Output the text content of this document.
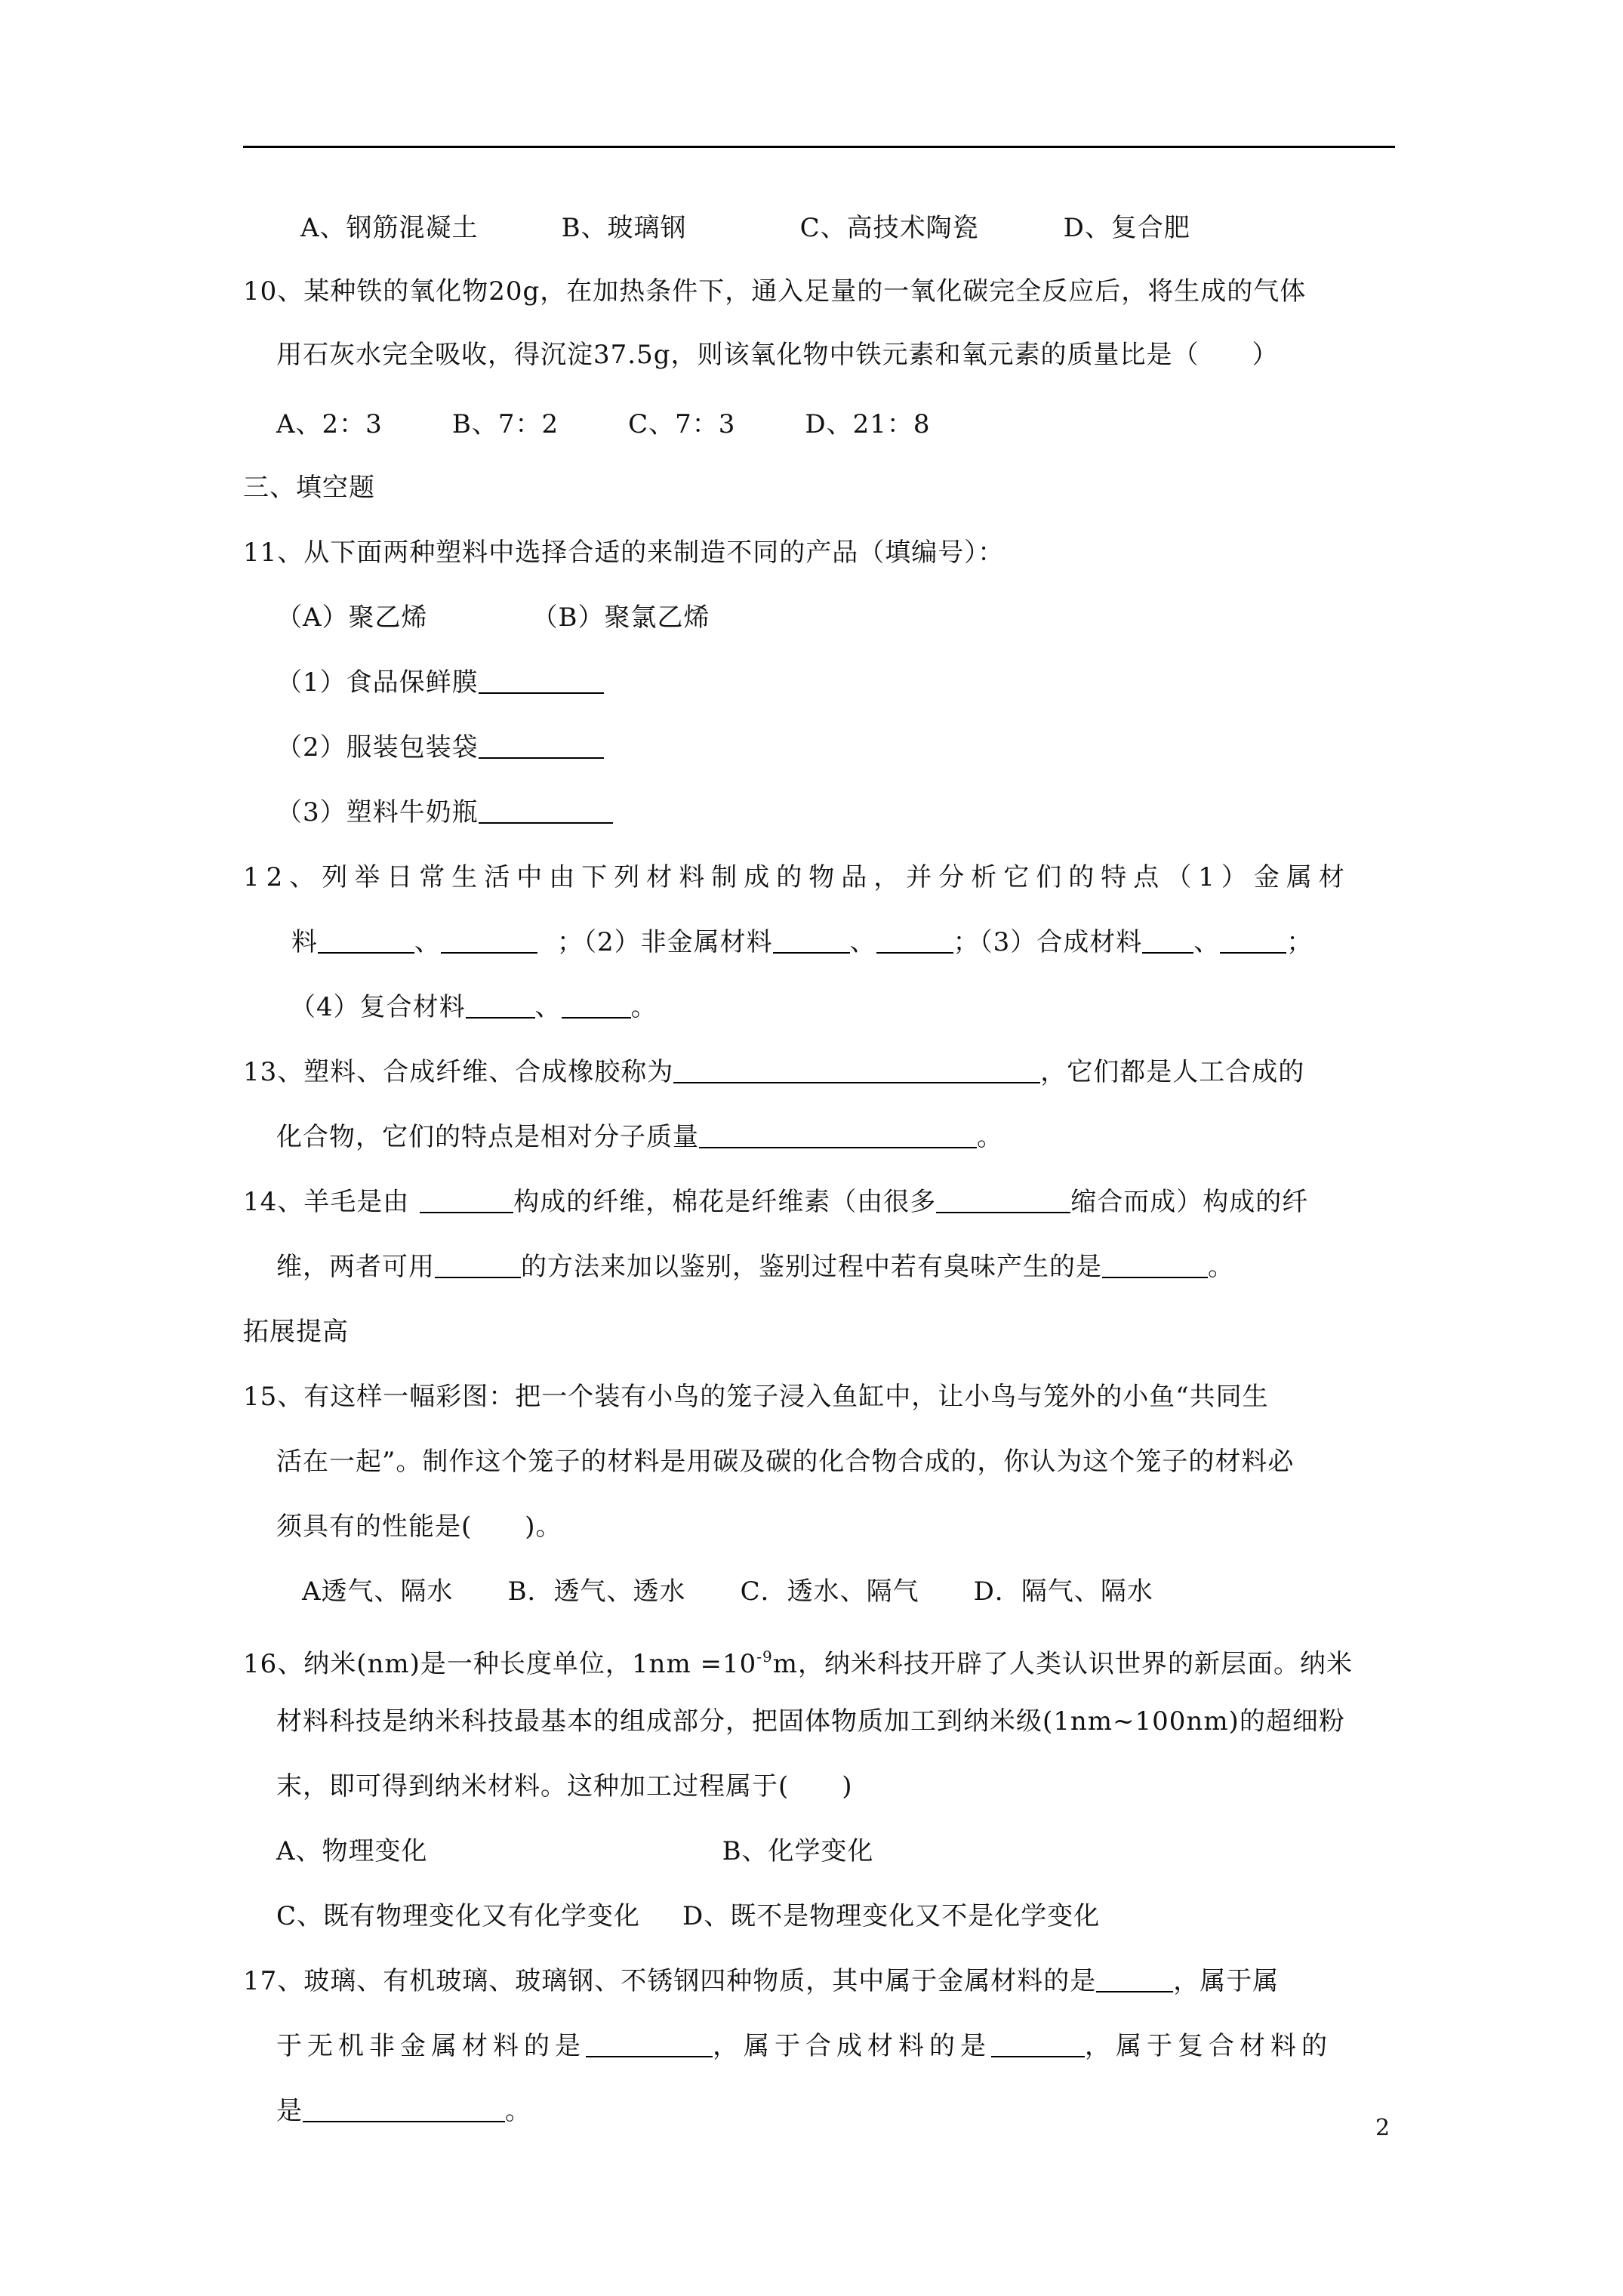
A、钢筋混凝土	B、玻璃钢	C、高技术陶瓷	D、复合肥
10、某种铁的氧化物20g，在加热条件下，通入足量的一氧化碳完全反应后，将生成的气体
用石灰水完全吸收，得沉淀37.5g，则该氧化物中铁元素和氧元素的质量比是（　　）
A、2：3	B、7：2	C、7：3	D、21：8
三、填空题
11、从下面两种塑料中选择合适的来制造不同的产品（填编号）：
（A）聚乙烯	（B）聚氯乙烯
（1）食品保鲜膜
（2）服装包装袋
（3）塑料牛奶瓶
12、列举日常生活中由下列材料制成的物品，并分析它们的特点（1）金属材
料	、	；（2）非金属材料	、	；（3）合成材料 、	；
（4）复合材料	、	。
13、塑料、合成纤维、合成橡胶称为	，它们都是人工合成的
化合物，它们的特点是相对分子质量	。
14、羊毛是由	构成的纤维，棉花是纤维素（由很多	缩合而成）构成的纤
维，两者可用	的方法来加以鉴别，鉴别过程中若有臭味产生的是	。
拓展提高
15、有这样一幅彩图：把一个装有小鸟的笼子浸入鱼缸中，让小鸟与笼外的小鱼“共同生
活在一起”。制作这个笼子的材料是用碳及碳的化合物合成的，你认为这个笼子的材料必
须具有的性能是(　　)。
A透气、隔水 B．透气、透水 C．透水、隔气 D．隔气、隔水
16、纳米(nm)是一种长度单位，$1nm =10^{-9}m$，纳米科技开辟了人类认识世界的新层面。纳米
材料科技是纳米科技最基本的组成部分，把固体物质加工到纳米级(1nm~100nm)的超细粉
末，即可得到纳米材料。这种加工过程属于(　　)
A、物理变化	B、化学变化
C、既有物理变化又有化学变化 D、既不是物理变化又不是化学变化
17、玻璃、有机玻璃、玻璃钢、不锈钢四种物质，其中属于金属材料的是	，属于属
于无机非金属材料的是	，属于合成材料的是	，属于复合材料的
是	。
2
